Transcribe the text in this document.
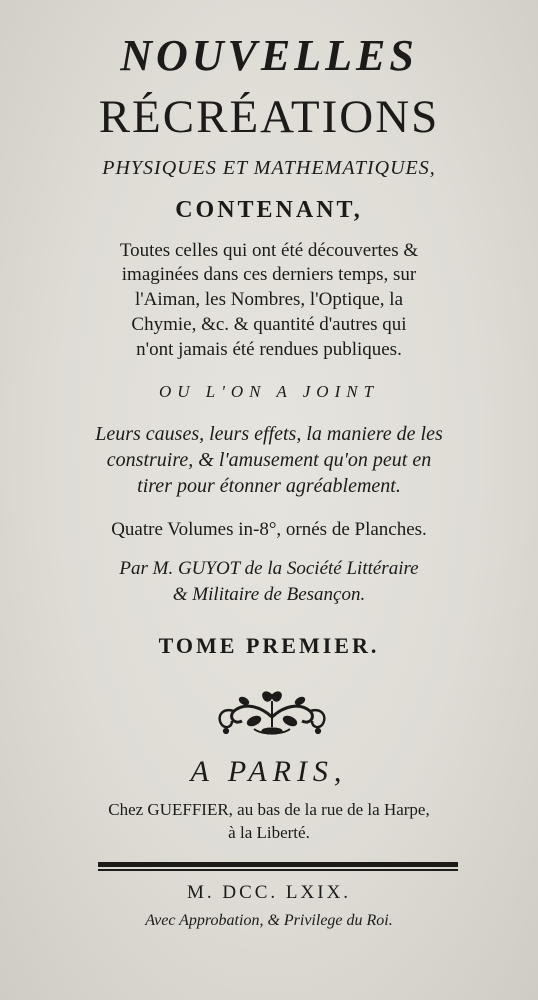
NOUVELLES

RÉCRÉATIONS

PHYSIQUES ET MATHEMATIQUES,

CONTENANT,

Toutes celles qui ont été découvertes &

imaginées dans ces derniers temps, sur

l'Aiman, les Nombres, l'Optique, la

Chymie, &c. & quantité d'autres qui

n'ont jamais été rendues publiques.

OU L'ON A JOINT

Leurs causes, leurs effets, la maniere de les

construire, & l'amusement qu'on peut en

tirer pour étonner agréablement.

Quatre Volumes in-8°, ornés de Planches.

Par M. GUYOT de la Société Littéraire

& Militaire de Besançon.

TOME PREMIER.

A PARIS,

Chez GUEFFIER, au bas de la rue de la Harpe,

à la Liberté.

M. DCC. LXIX.

Avec Approbation, & Privilege du Roi.
